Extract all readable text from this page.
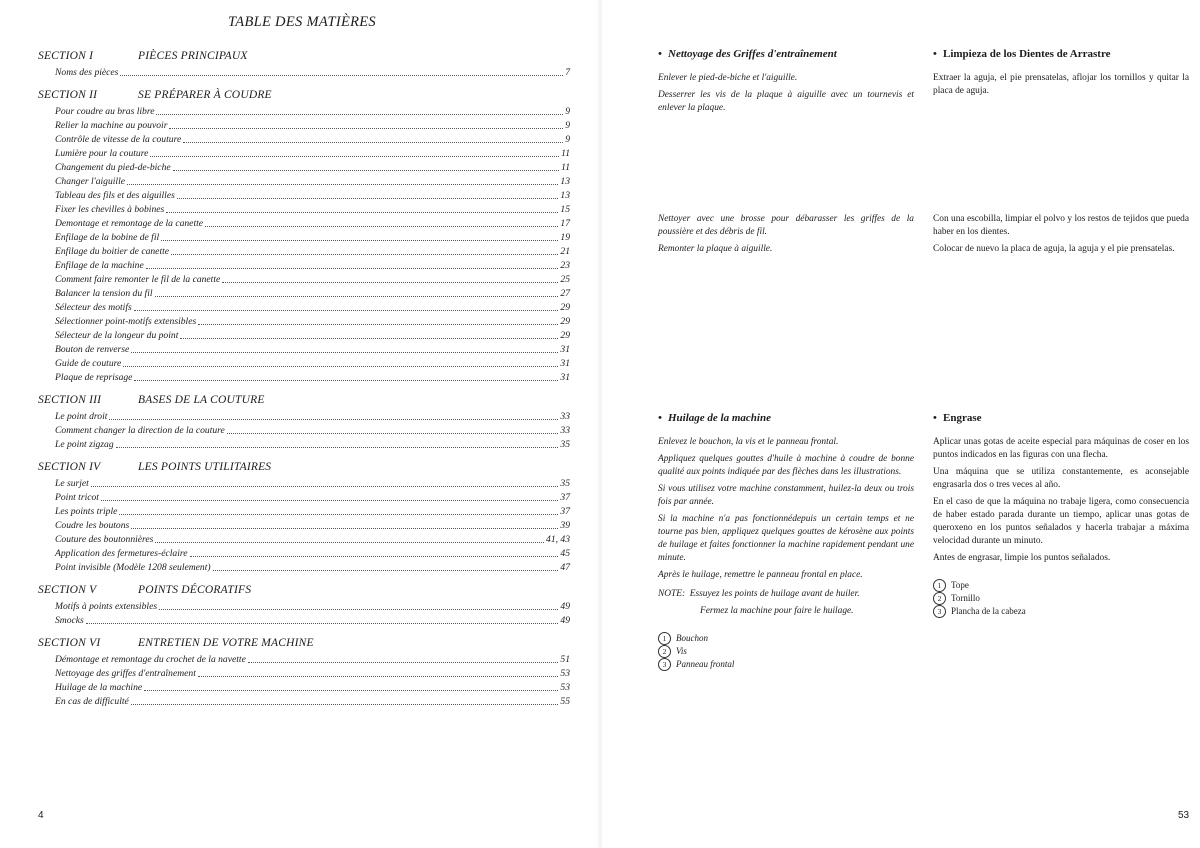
TABLE DES MATIÈRES
SECTION I	PIÈCES PRINCIPAUX
Noms des pièces	7
SECTION II	SE PRÉPARER À COUDRE
Pour coudre au bras libre	9
Relier la machine au pouvoir	9
Contrôle de vitesse de la couture	9
Lumière pour la couture	11
Changement du pied-de-biche	11
Changer l'aiguille	13
Tableau des fils et des aiguilles	13
Fixer les chevilles à bobines	15
Demontage et remontage de la canette	17
Enfilage de la bobine de fil	19
Enfilage du boitier de canette	21
Enfilage de la machine	23
Comment faire remonter le fil de la canette	25
Balancer la tension du fil	27
Sélecteur des motifs	29
Sélectionner point-motifs extensibles	29
Sélecteur de la longeur du point	29
Bouton de renverse	31
Guide de couture	31
Plaque de reprisage	31
SECTION III	BASES DE LA COUTURE
Le point droit	33
Comment changer la direction de la couture	33
Le point zigzag	35
SECTION IV	LES POINTS UTILITAIRES
Le surjet	35
Point tricot	37
Les points triple	37
Coudre les boutons	39
Couture des boutonnières	41, 43
Application des fermetures-éclaire	45
Point invisible (Modèle 1208 seulement)	47
SECTION V	POINTS DÉCORATIFS
Motifs à points extensibles	49
Smocks	49
SECTION VI	ENTRETIEN DE VOTRE MACHINE
Démontage et remontage du crochet de la navette	51
Nettoyage des griffes d'entraînement	53
Huilage de la machine	53
En cas de difficulté	55
4
• Nettoyage des Griffes d'entraînement

Enlever le pied-de-biche et l'aiguille.

Desserrer les vis de la plaque à aiguille avec un tournevis et enlever la plaque.

Nettoyer avec une brosse pour débarasser les griffes de la poussière et des débris de fil.

Remonter la plaque à aiguille.

• Limpieza de los Dientes de Arrastre

Extraer la aguja, el pie prensatelas, aflojar los tornillos y quitar la placa de aguja.

Con una escobilla, limpiar el polvo y los restos de tejidos que pueda haber en los dientes.

Colocar de nuevo la placa de aguja, la aguja y el pie prensatelas.

• Huilage de la machine

Enlevez le bouchon, la vis et le panneau frontal.

Appliquez quelques gouttes d'huile à machine à coudre de bonne qualité aux points indiquée par des flèches dans les illustrations.

Si vous utilisez votre machine constamment, huilez-la deux ou trois fois par année.

Si la machine n'a pas fonctionnédepuis un certain temps et ne tourne pas bien, appliquez quelques gouttes de kérosène aux points de huilage et faites fonctionner la machine rapidement pendant une minute.

Après le huilage, remettre le panneau frontal en place.

NOTE: Essuyez les points de huilage avant de huiler.

Fermez la machine pour faire le huilage.

1	Bouchon
2	Vis
3	Panneau frontal
• Engrase

Aplicar unas gotas de aceite especial para máquinas de coser en los puntos indicados en las figuras con una flecha.

Una máquina que se utiliza constantemente, es aconsejable engrasarla dos o tres veces al año.

En el caso de que la máquina no trabaje ligera, como consecuencia de haber estado parada durante un tiempo, aplicar unas gotas de queroxeno en los puntos señalados y hacerla trabajar a máxima velocidad durante un minuto.

Antes de engrasar, limpie los puntos señalados.

1	Tope
2	Tornillo
3	Plancha de la cabeza
53
